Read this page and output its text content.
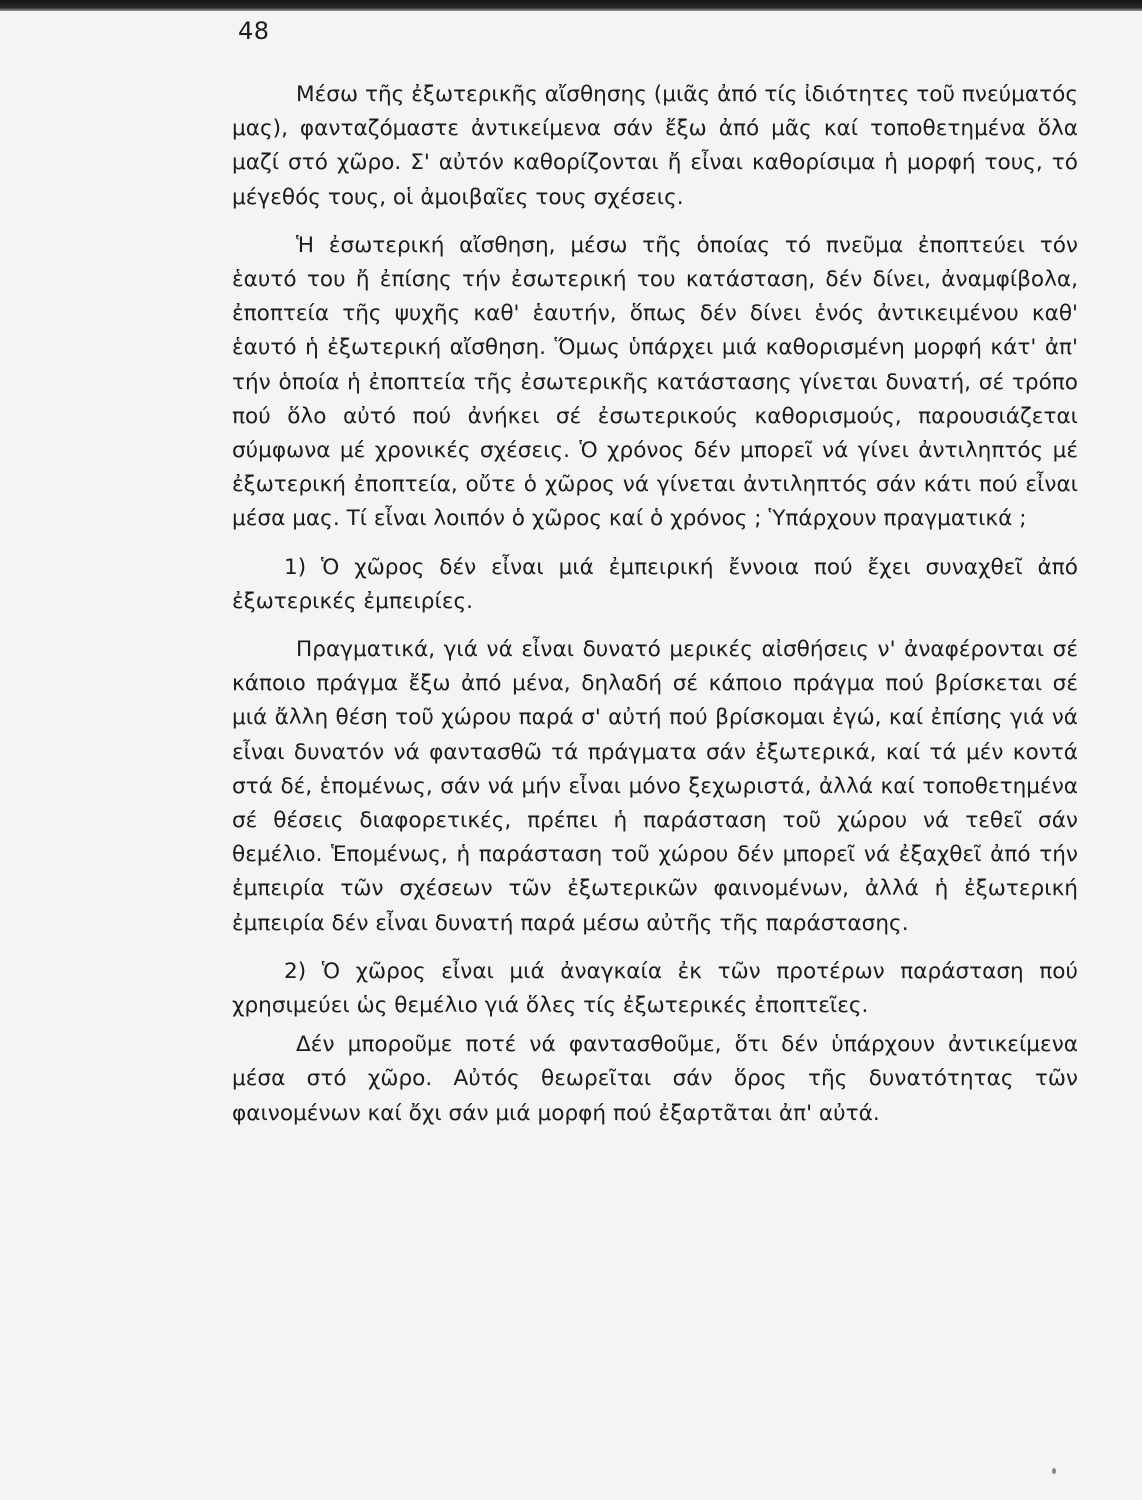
48

Μέσω τῆς ἐξωτερικῆς αἴσθησης (μιᾶς ἀπό τίς ἰδιότητες τοῦ πνεύματός μας), φανταζόμαστε ἀντικείμενα σάν ἔξω ἀπό μᾶς καί τοποθετημένα ὅλα μαζί στό χῶρο. Σ' αὐτόν καθορίζονται ἤ εἶναι καθορίσιμα ἡ μορφή τους, τό μέγεθός τους, οἱ ἀμοιβαῖες τους σχέσεις.

Ἡ ἐσωτερική αἴσθηση, μέσω τῆς ὁποίας τό πνεῦμα ἐποπτεύει τόν ἑαυτό του ἤ ἐπίσης τήν ἐσωτερική του κατάσταση, δέν δίνει, ἀναμφίβολα, ἐποπτεία τῆς ψυχῆς καθ' ἑαυτήν, ὅπως δέν δίνει ἑνός ἀντικειμένου καθ' ἑαυτό ἡ ἐξωτερική αἴσθηση. Ὅμως ὑπάρχει μιά καθορισμένη μορφή κάτ' ἀπ' τήν ὁποία ἡ ἐποπτεία τῆς ἐσωτερικῆς κατάστασης γίνεται δυνατή, σέ τρόπο πού ὅλο αὐτό πού ἀνήκει σέ ἐσωτερικούς καθορισμούς, παρουσιάζεται σύμφωνα μέ χρονικές σχέσεις. Ὁ χρόνος δέν μπορεῖ νά γίνει ἀντιληπτός μέ ἐξωτερική ἐποπτεία, οὔτε ὁ χῶρος νά γίνεται ἀντιληπτός σάν κάτι πού εἶναι μέσα μας. Τί εἶναι λοιπόν ὁ χῶρος καί ὁ χρόνος ; Ὑπάρχουν πραγματικά ;

1) Ὁ χῶρος δέν εἶναι μιά ἐμπειρική ἔννοια πού ἔχει συναχθεῖ ἀπό ἐξωτερικές ἐμπειρίες.

Πραγματικά, γιά νά εἶναι δυνατό μερικές αἰσθήσεις ν' ἀναφέρονται σέ κάποιο πράγμα ἔξω ἀπό μένα, δηλαδή σέ κάποιο πράγμα πού βρίσκεται σέ μιά ἄλλη θέση τοῦ χώρου παρά σ' αὐτή πού βρίσκομαι ἐγώ, καί ἐπίσης γιά νά εἶναι δυνατόν νά φαντασθῶ τά πράγματα σάν ἐξωτερικά, καί τά μέν κοντά στά δέ, ἑπομένως, σάν νά μήν εἶναι μόνο ξεχωριστά, ἀλλά καί τοποθετημένα σέ θέσεις διαφορετικές, πρέπει ἡ παράσταση τοῦ χώρου νά τεθεῖ σάν θεμέλιο. Ἑπομένως, ἡ παράσταση τοῦ χώρου δέν μπορεῖ νά ἐξαχθεῖ ἀπό τήν ἐμπειρία τῶν σχέσεων τῶν ἐξωτερικῶν φαινομένων, ἀλλά ἡ ἐξωτερική ἐμπειρία δέν εἶναι δυνατή παρά μέσω αὐτῆς τῆς παράστασης.

2) Ὁ χῶρος εἶναι μιά ἀναγκαία ἐκ τῶν προτέρων παράσταση πού χρησιμεύει ὡς θεμέλιο γιά ὅλες τίς ἐξωτερικές ἐποπτεῖες.

Δέν μποροῦμε ποτέ νά φαντασθοῦμε, ὅτι δέν ὑπάρχουν ἀντικείμενα μέσα στό χῶρο. Αὐτός θεωρεῖται σάν ὅρος τῆς δυνατότητας τῶν φαινομένων καί ὄχι σάν μιά μορφή πού ἐξαρτᾶται ἀπ' αὐτά.
